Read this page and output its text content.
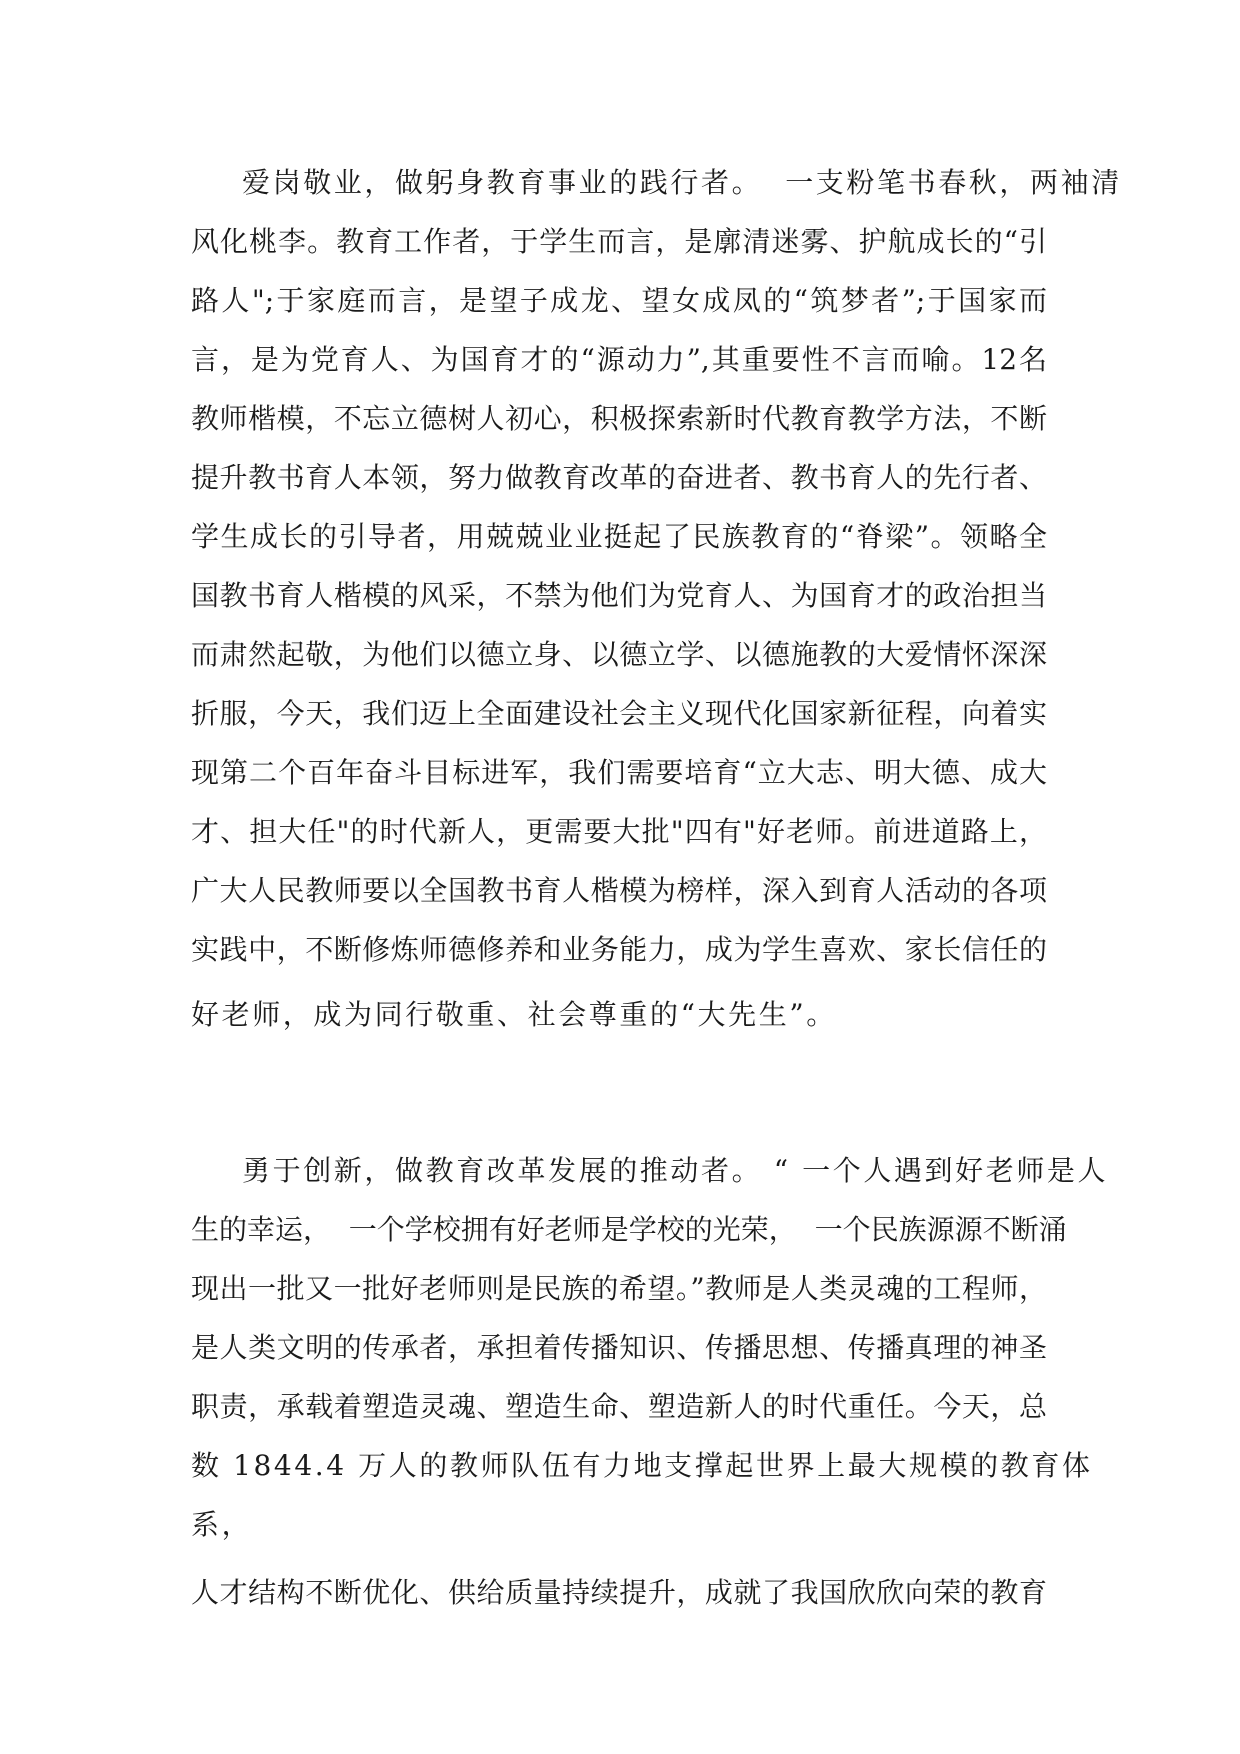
爱岗敬业，做躬身教育事业的践行者。  一支粉笔书春秋，两袖清
风化桃李。教育工作者，于学生而言，是廓清迷雾、护航成长的“引
路人";于家庭而言，是望子成龙、望女成凤的“筑梦者”;于国家而
言，是为党育人、为国育才的“源动力”,其重要性不言而喻。12名
教师楷模，不忘立德树人初心，积极探索新时代教育教学方法，不断
提升教书育人本领，努力做教育改革的奋进者、教书育人的先行者、
学生成长的引导者，用兢兢业业挺起了民族教育的“脊梁”。领略全
国教书育人楷模的风采，不禁为他们为党育人、为国育才的政治担当
而肃然起敬，为他们以德立身、以德立学、以德施教的大爱情怀深深
折服，今天，我们迈上全面建设社会主义现代化国家新征程，向着实
现第二个百年奋斗目标进军，我们需要培育“立大志、明大德、成大
才、担大任"的时代新人，更需要大批"四有"好老师。前进道路上，
广大人民教师要以全国教书育人楷模为榜样，深入到育人活动的各项
实践中，不断修炼师德修养和业务能力，成为学生喜欢、家长信任的
好老师，成为同行敬重、社会尊重的“大先生”。
勇于创新，做教育改革发展的推动者。 “ 一个人遇到好老师是人
生的幸运，  一个学校拥有好老师是学校的光荣，  一个民族源源不断涌
现出一批又一批好老师则是民族的希望。”教师是人类灵魂的工程师，
是人类文明的传承者，承担着传播知识、传播思想、传播真理的神圣
职责，承载着塑造灵魂、塑造生命、塑造新人的时代重任。今天，总
数 1844.4 万人的教师队伍有力地支撑起世界上最大规模的教育体
系，
人才结构不断优化、供给质量持续提升，成就了我国欣欣向荣的教育
